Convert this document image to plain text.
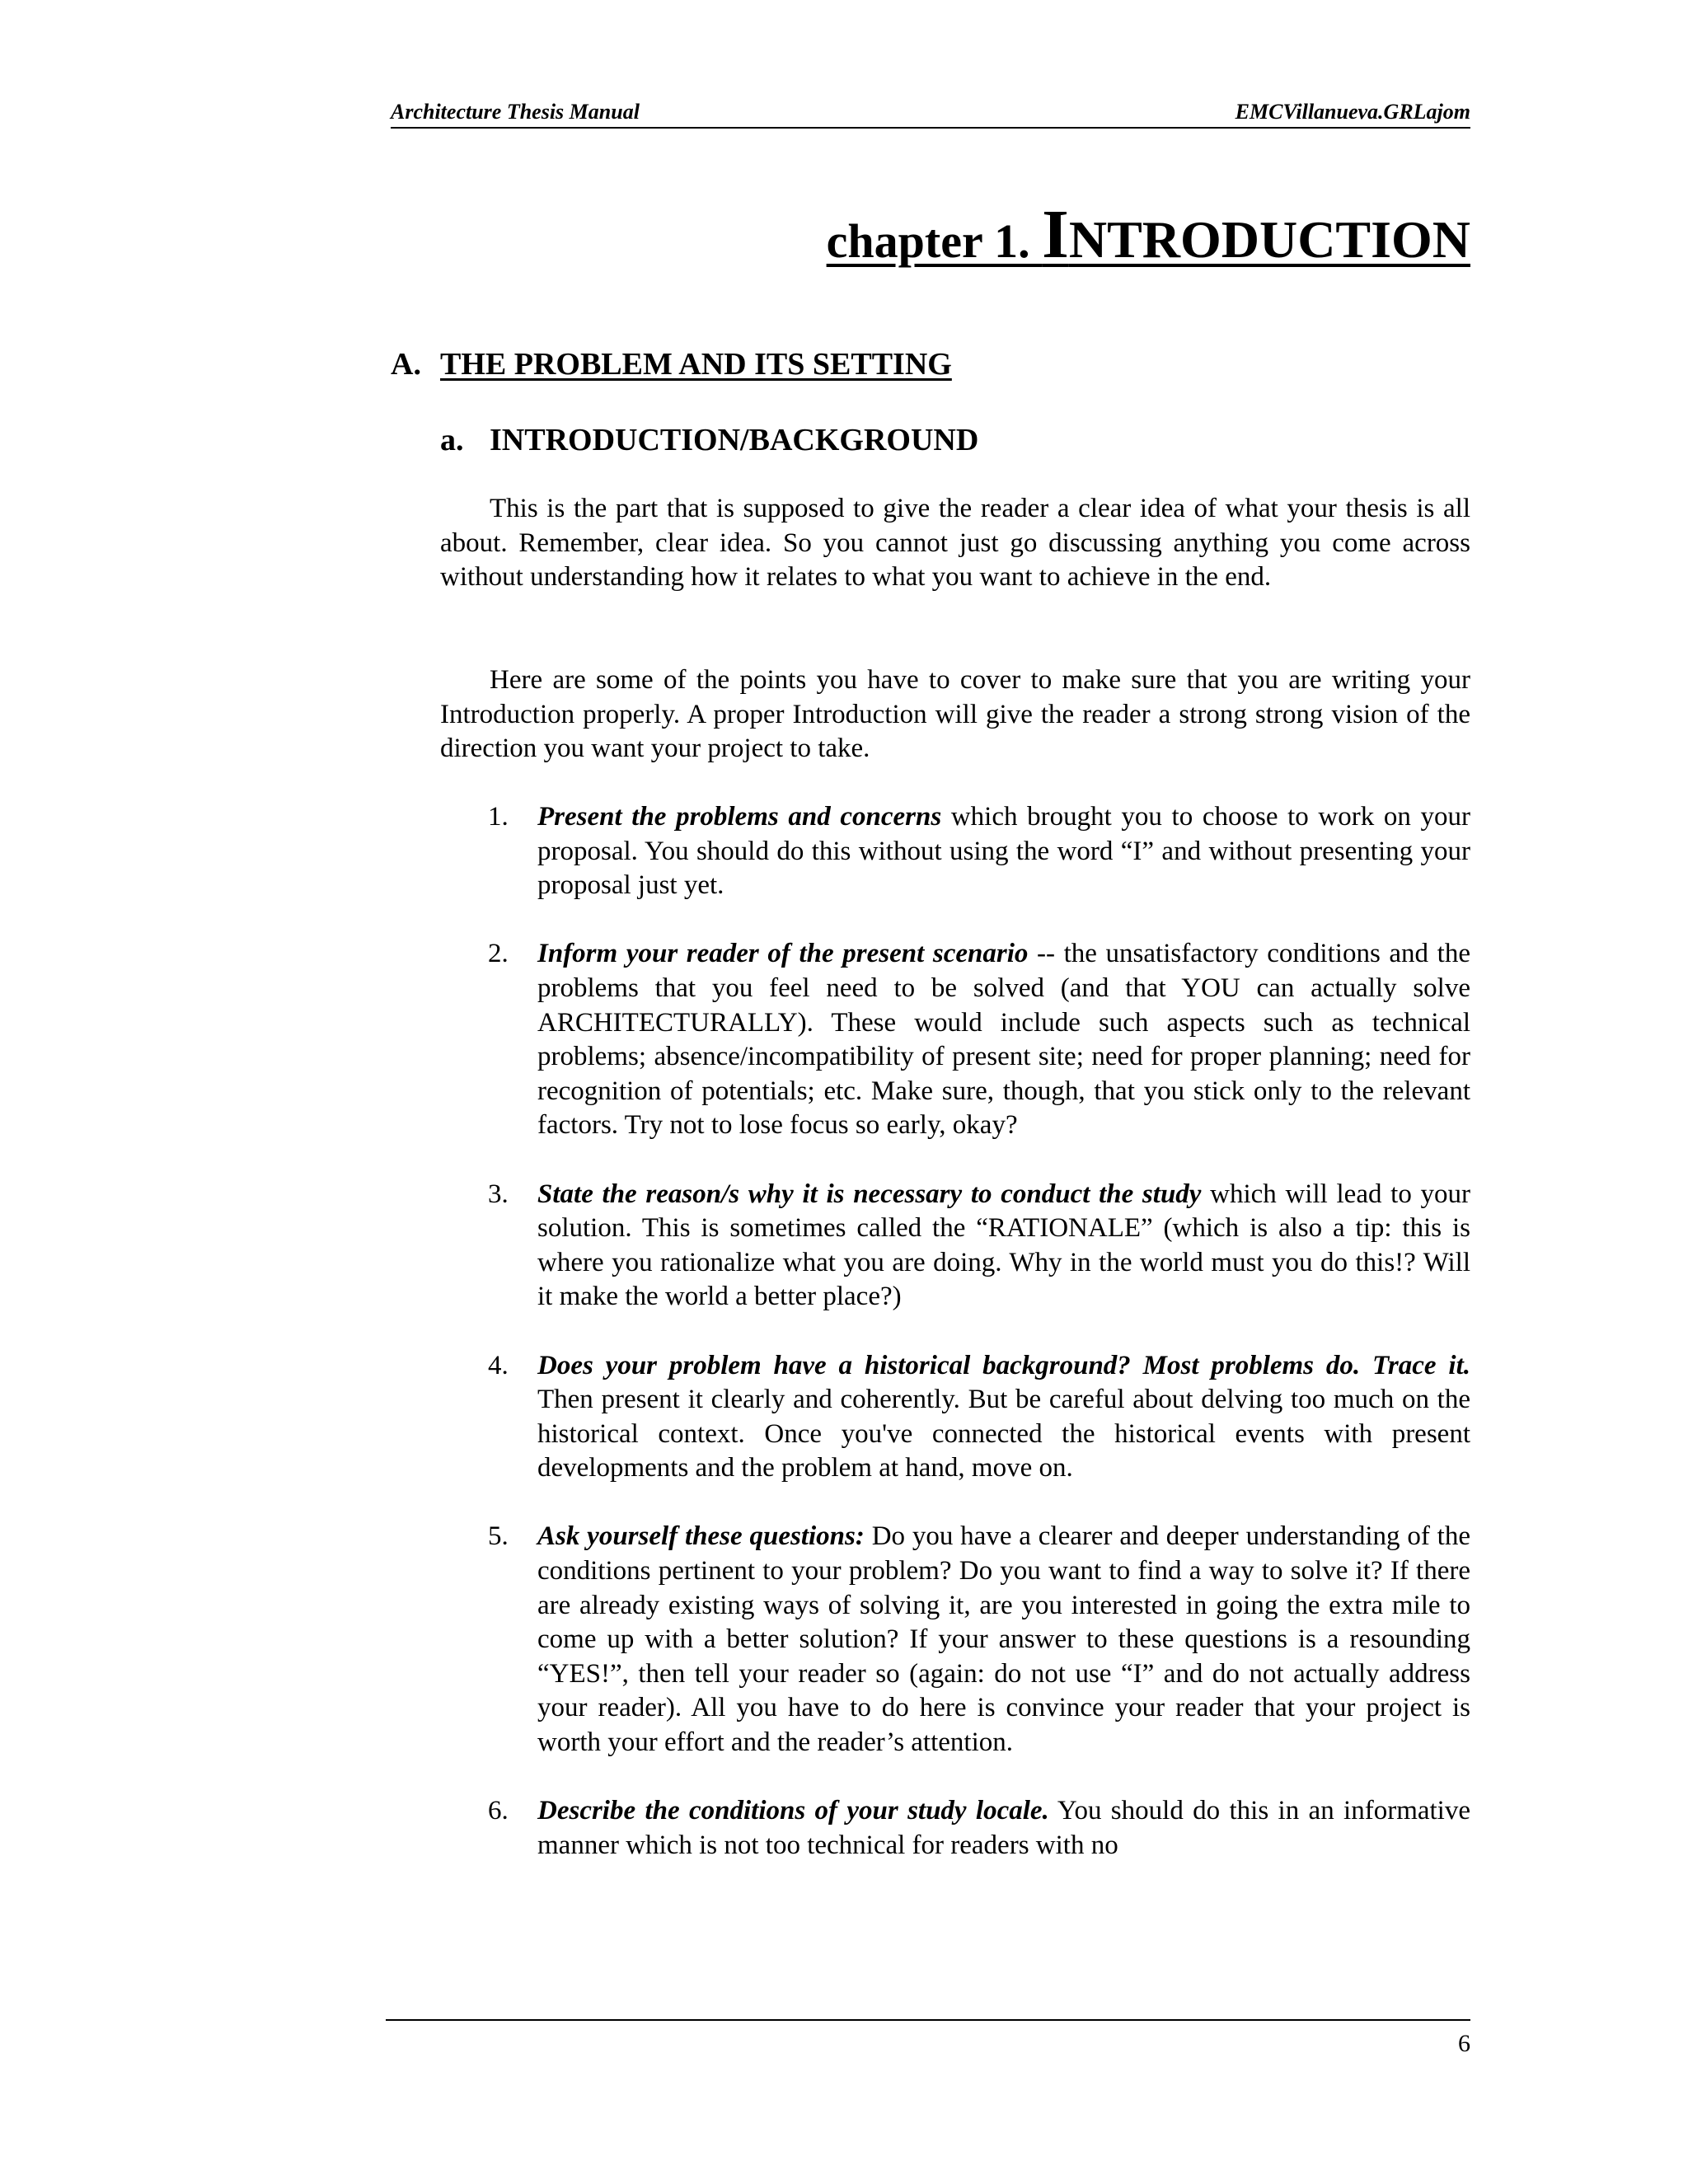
Architecture Thesis Manual	EMCVillanueva.GRLajom
chapter 1. INTRODUCTION
A. THE PROBLEM AND ITS SETTING
a. INTRODUCTION/BACKGROUND

This is the part that is supposed to give the reader a clear idea of what your thesis is all about. Remember, clear idea. So you cannot just go discussing anything you come across without understanding how it relates to what you want to achieve in the end.

Here are some of the points you have to cover to make sure that you are writing your Introduction properly. A proper Introduction will give the reader a strong strong vision of the direction you want your project to take.

1. Present the problems and concerns which brought you to choose to work on your proposal. You should do this without using the word “I” and without presenting your proposal just yet.
2. Inform your reader of the present scenario -- the unsatisfactory conditions and the problems that you feel need to be solved (and that YOU can actually solve ARCHITECTURALLY). These would include such aspects such as technical problems; absence/incompatibility of present site; need for proper planning; need for recognition of potentials; etc. Make sure, though, that you stick only to the relevant factors. Try not to lose focus so early, okay?
3. State the reason/s why it is necessary to conduct the study which will lead to your solution. This is sometimes called the “RATIONALE” (which is also a tip: this is where you rationalize what you are doing. Why in the world must you do this!? Will it make the world a better place?)
4. Does your problem have a historical background? Most problems do. Trace it. Then present it clearly and coherently. But be careful about delving too much on the historical context. Once you've connected the historical events with present developments and the problem at hand, move on.
5. Ask yourself these questions: Do you have a clearer and deeper understanding of the conditions pertinent to your problem? Do you want to find a way to solve it? If there are already existing ways of solving it, are you interested in going the extra mile to come up with a better solution? If your answer to these questions is a resounding “YES!”, then tell your reader so (again: do not use “I” and do not actually address your reader). All you have to do here is convince your reader that your project is worth your effort and the reader’s attention.
6. Describe the conditions of your study locale. You should do this in an informative manner which is not too technical for readers with no
6
